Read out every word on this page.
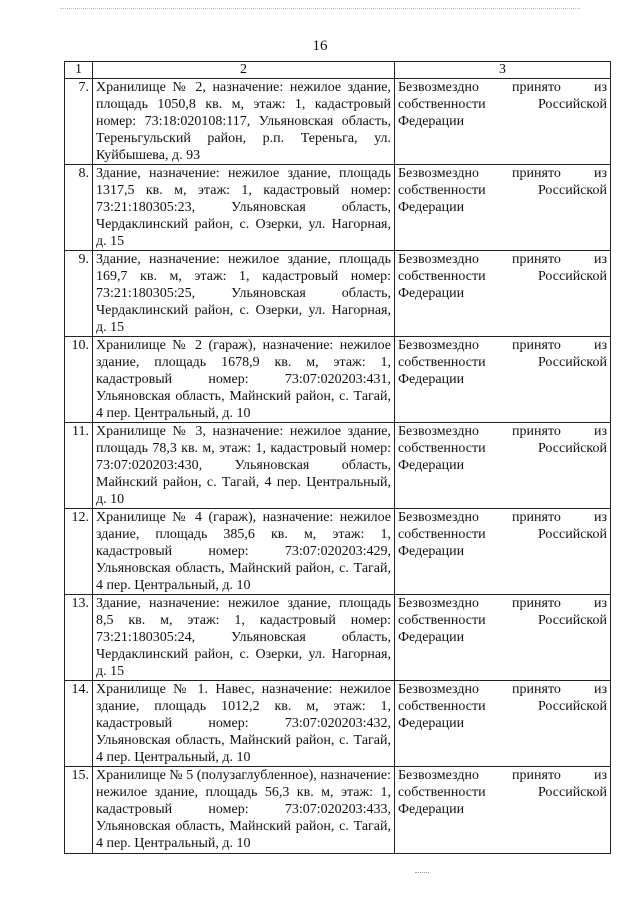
16
1	2	3
7.	Хранилище № 2, назначение: нежилое здание, площадь 1050,8 кв. м, этаж: 1, кадастровый номер: 73:18:020108:117, Ульяновская область, Тереньгульский район, р.п. Тереньга, ул. Куйбышева, д. 93	Безвозмездно принято из собственности Российской Федерации
8.	Здание, назначение: нежилое здание, площадь 1317,5 кв. м, этаж: 1, кадастровый номер: 73:21:180305:23, Ульяновская область, Чердаклинский район, с. Озерки, ул. Нагорная, д. 15	Безвозмездно принято из собственности Российской Федерации
9.	Здание, назначение: нежилое здание, площадь 169,7 кв. м, этаж: 1, кадастровый номер: 73:21:180305:25, Ульяновская область, Чердаклинский район, с. Озерки, ул. Нагорная, д. 15	Безвозмездно принято из собственности Российской Федерации
10.	Хранилище № 2 (гараж), назначение: нежилое здание, площадь 1678,9 кв. м, этаж: 1, кадастровый номер: 73:07:020203:431, Ульяновская область, Майнский район, с. Тагай, 4 пер. Центральный, д. 10	Безвозмездно принято из собственности Российской Федерации
11.	Хранилище № 3, назначение: нежилое здание, площадь 78,3 кв. м, этаж: 1, кадастровый номер: 73:07:020203:430, Ульяновская область, Майнский район, с. Тагай, 4 пер. Центральный, д. 10	Безвозмездно принято из собственности Российской Федерации
12.	Хранилище № 4 (гараж), назначение: нежилое здание, площадь 385,6 кв. м, этаж: 1, кадастровый номер: 73:07:020203:429, Ульяновская область, Майнский район, с. Тагай, 4 пер. Центральный, д. 10	Безвозмездно принято из собственности Российской Федерации
13.	Здание, назначение: нежилое здание, площадь 8,5 кв. м, этаж: 1, кадастровый номер: 73:21:180305:24, Ульяновская область, Чердаклинский район, с. Озерки, ул. Нагорная, д. 15	Безвозмездно принято из собственности Российской Федерации
14.	Хранилище № 1. Навес, назначение: нежилое здание, площадь 1012,2 кв. м, этаж: 1, кадастровый номер: 73:07:020203:432, Ульяновская область, Майнский район, с. Тагай, 4 пер. Центральный, д. 10	Безвозмездно принято из собственности Российской Федерации
15.	Хранилище № 5 (полузаглубленное), назначение: нежилое здание, площадь 56,3 кв. м, этаж: 1, кадастровый номер: 73:07:020203:433, Ульяновская область, Майнский район, с. Тагай, 4 пер. Центральный, д. 10	Безвозмездно принято из собственности Российской Федерации
